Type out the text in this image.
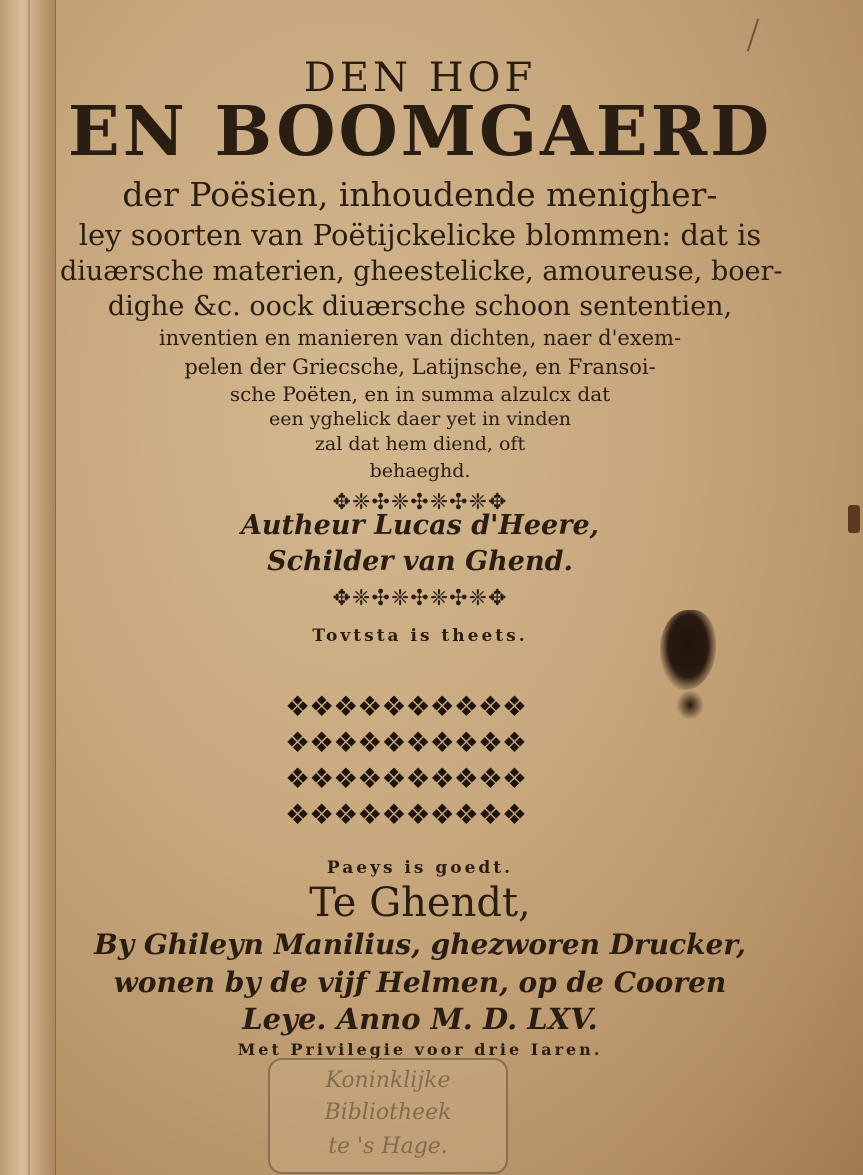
DEN HOF
EN BOOMGAERD
der Poësien, inhoudende menigher-
ley soorten van Poëtijckelicke blommen: dat is
diuærsche materien, gheestelicke, amoureuse, boer-
dighe &c. oock diuærsche schoon sententien,
inventien en manieren van dichten, naer d'exem-
pelen der Griecsche, Latijnsche, en Fransoi-
sche Poëten, en in summa alzulcx dat
een yghelick daer yet in vinden
zal dat hem diend, oft
behaeghd.
✥❈✣❈✣❈✣❈✥
Autheur Lucas d'Heere,
Schilder van Ghend.
✥❈✣❈✣❈✣❈✥
Tovtsta is theets.
❖❖❖❖❖❖❖❖❖❖
❖❖❖❖❖❖❖❖❖❖
❖❖❖❖❖❖❖❖❖❖
❖❖❖❖❖❖❖❖❖❖
Paeys is goedt.
Te Ghendt,
By Ghileyn Manilius, ghezworen Drucker,
wonen by de vijf Helmen, op de Cooren
Leye. Anno M. D. LXV.
Met Privilegie voor drie Iaren.
Koninklijke
Bibliotheek
te 's Hage.
